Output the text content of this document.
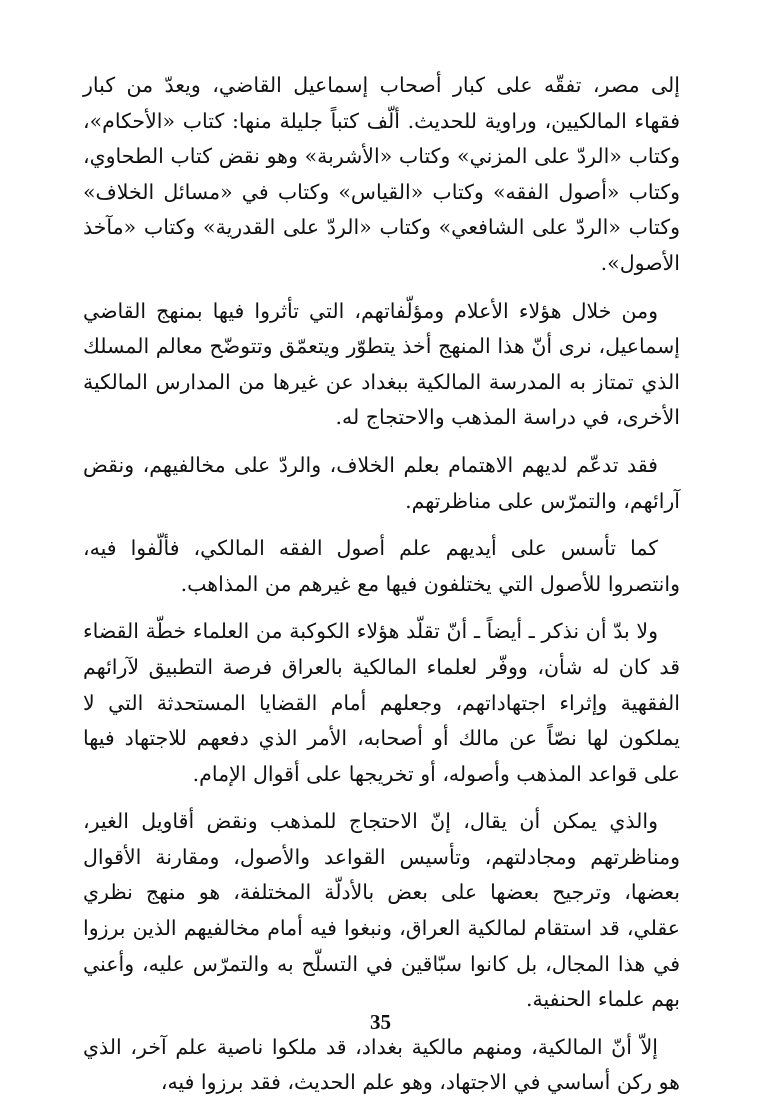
إلى مصر، تفقّه على كبار أصحاب إسماعيل القاضي، ويعدّ من كبار فقهاء المالكيين، وراوية للحديث. ألّف كتباً جليلة منها: كتاب «الأحكام»، وكتاب «الردّ على المزني» وكتاب «الأشربة» وهو نقض كتاب الطحاوي، وكتاب «أصول الفقه» وكتاب «القياس» وكتاب في «مسائل الخلاف» وكتاب «الردّ على الشافعي» وكتاب «الردّ على القدرية» وكتاب «مآخذ الأصول».

ومن خلال هؤلاء الأعلام ومؤلّفاتهم، التي تأثروا فيها بمنهج القاضي إسماعيل، نرى أنّ هذا المنهج أخذ يتطوّر ويتعمّق وتتوضّح معالم المسلك الذي تمتاز به المدرسة المالكية ببغداد عن غيرها من المدارس المالكية الأخرى، في دراسة المذهب والاحتجاج له.

فقد تدعّم لديهم الاهتمام بعلم الخلاف، والردّ على مخالفيهم، ونقض آرائهم، والتمرّس على مناظرتهم.

كما تأسس على أيديهم علم أصول الفقه المالكي، فألّفوا فيه، وانتصروا للأصول التي يختلفون فيها مع غيرهم من المذاهب.

ولا بدّ أن نذكر ـ أيضاً ـ أنّ تقلّد هؤلاء الكوكبة من العلماء خطّة القضاء قد كان له شأن، ووفّر لعلماء المالكية بالعراق فرصة التطبيق لآرائهم الفقهية وإثراء اجتهاداتهم، وجعلهم أمام القضايا المستحدثة التي لا يملكون لها نصّاً عن مالك أو أصحابه، الأمر الذي دفعهم للاجتهاد فيها على قواعد المذهب وأصوله، أو تخريجها على أقوال الإمام.

والذي يمكن أن يقال، إنّ الاحتجاج للمذهب ونقض أقاويل الغير، ومناظرتهم ومجادلتهم، وتأسيس القواعد والأصول، ومقارنة الأقوال بعضها، وترجيح بعضها على بعض بالأدلّة المختلفة، هو منهج نظري عقلي، قد استقام لمالكية العراق، ونبغوا فيه أمام مخالفيهم الذين برزوا في هذا المجال، بل كانوا سبّاقين في التسلّح به والتمرّس عليه، وأعني بهم علماء الحنفية.

إلاّ أنّ المالكية، ومنهم مالكية بغداد، قد ملكوا ناصية علم آخر، الذي هو ركن أساسي في الاجتهاد، وهو علم الحديث، فقد برزوا فيه،

35
